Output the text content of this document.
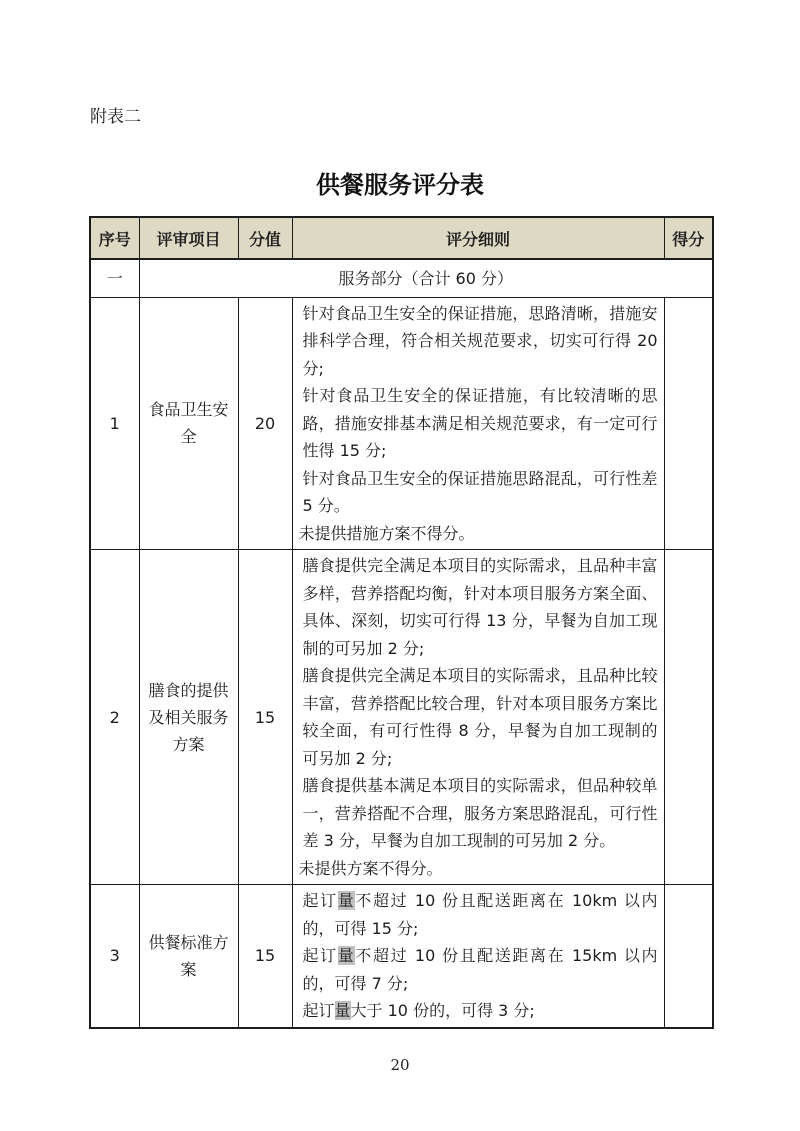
附表二
供餐服务评分表
序号	评审项目	分值	评分细则	得分
一	服务部分（合计 60 分）			
1	食品卫生安全	20	针对食品卫生安全的保证措施，思路清晰，措施安排科学合理，符合相关规范要求，切实可行得 20 分;

针对食品卫生安全的保证措施，有比较清晰的思路，措施安排基本满足相关规范要求，有一定可行性得 15 分;

针对食品卫生安全的保证措施思路混乱，可行性差 5 分。

未提供措施方案不得分。	

2	膳食的提供及相关服务方案	15	膳食提供完全满足本项目的实际需求，且品种丰富多样，营养搭配均衡，针对本项目服务方案全面、具体、深刻，切实可行得 13 分，早餐为自加工现制的可另加 2 分;

膳食提供完全满足本项目的实际需求，且品种比较丰富，营养搭配比较合理，针对本项目服务方案比较全面，有可行性得 8 分，早餐为自加工现制的可另加 2 分;

膳食提供基本满足本项目的实际需求，但品种较单一，营养搭配不合理，服务方案思路混乱，可行性差 3 分，早餐为自加工现制的可另加 2 分。

未提供方案不得分。	

3	供餐标准方案	15	起订量不超过 10 份且配送距离在 10km 以内的，可得 15 分;

起订量不超过 10 份且配送距离在 15km 以内的，可得 7 分;

起订量大于 10 份的，可得 3 分;	

20
